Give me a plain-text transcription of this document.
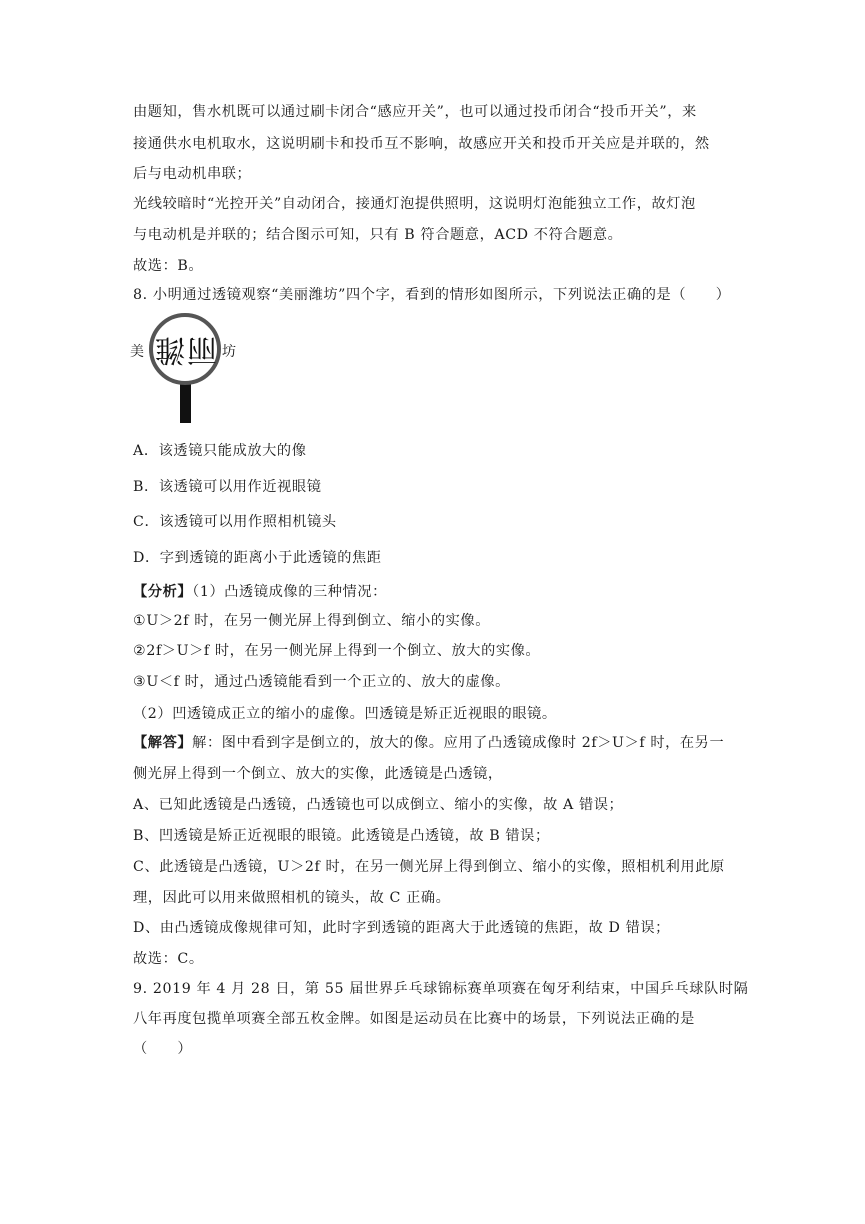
由题知，售水机既可以通过刷卡闭合“感应开关”，也可以通过投币闭合“投币开关”，来
接通供水电机取水，这说明刷卡和投币互不影响，故感应开关和投币开关应是并联的，然
后与电动机串联；
光线较暗时“光控开关”自动闭合，接通灯泡提供照明，这说明灯泡能独立工作，故灯泡
与电动机是并联的；结合图示可知，只有 B 符合题意，ACD 不符合题意。
故选：B。
8. 小明通过透镜观察“美丽潍坊”四个字，看到的情形如图所示，下列说法正确的是（　　）
丽潍
美	坊
A．该透镜只能成放大的像
B．该透镜可以用作近视眼镜
C．该透镜可以用作照相机镜头
D．字到透镜的距离小于此透镜的焦距
【分析】（1）凸透镜成像的三种情况：
①U＞2f 时，在另一侧光屏上得到倒立、缩小的实像。
②2f＞U＞f 时，在另一侧光屏上得到一个倒立、放大的实像。
③U＜f 时，通过凸透镜能看到一个正立的、放大的虚像。
（2）凹透镜成正立的缩小的虚像。凹透镜是矫正近视眼的眼镜。
【解答】解：图中看到字是倒立的，放大的像。应用了凸透镜成像时 2f＞U＞f 时，在另一
侧光屏上得到一个倒立、放大的实像，此透镜是凸透镜，
A、已知此透镜是凸透镜，凸透镜也可以成倒立、缩小的实像，故 A 错误；
B、凹透镜是矫正近视眼的眼镜。此透镜是凸透镜，故 B 错误；
C、此透镜是凸透镜，U＞2f 时，在另一侧光屏上得到倒立、缩小的实像，照相机利用此原
理，因此可以用来做照相机的镜头，故 C 正确。
D、由凸透镜成像规律可知，此时字到透镜的距离大于此透镜的焦距，故 D 错误；
故选：C。
9. 2019 年 4 月 28 日，第 55 届世界乒乓球锦标赛单项赛在匈牙利结束，中国乒乓球队时隔
八年再度包揽单项赛全部五枚金牌。如图是运动员在比赛中的场景，下列说法正确的是
（　　）
